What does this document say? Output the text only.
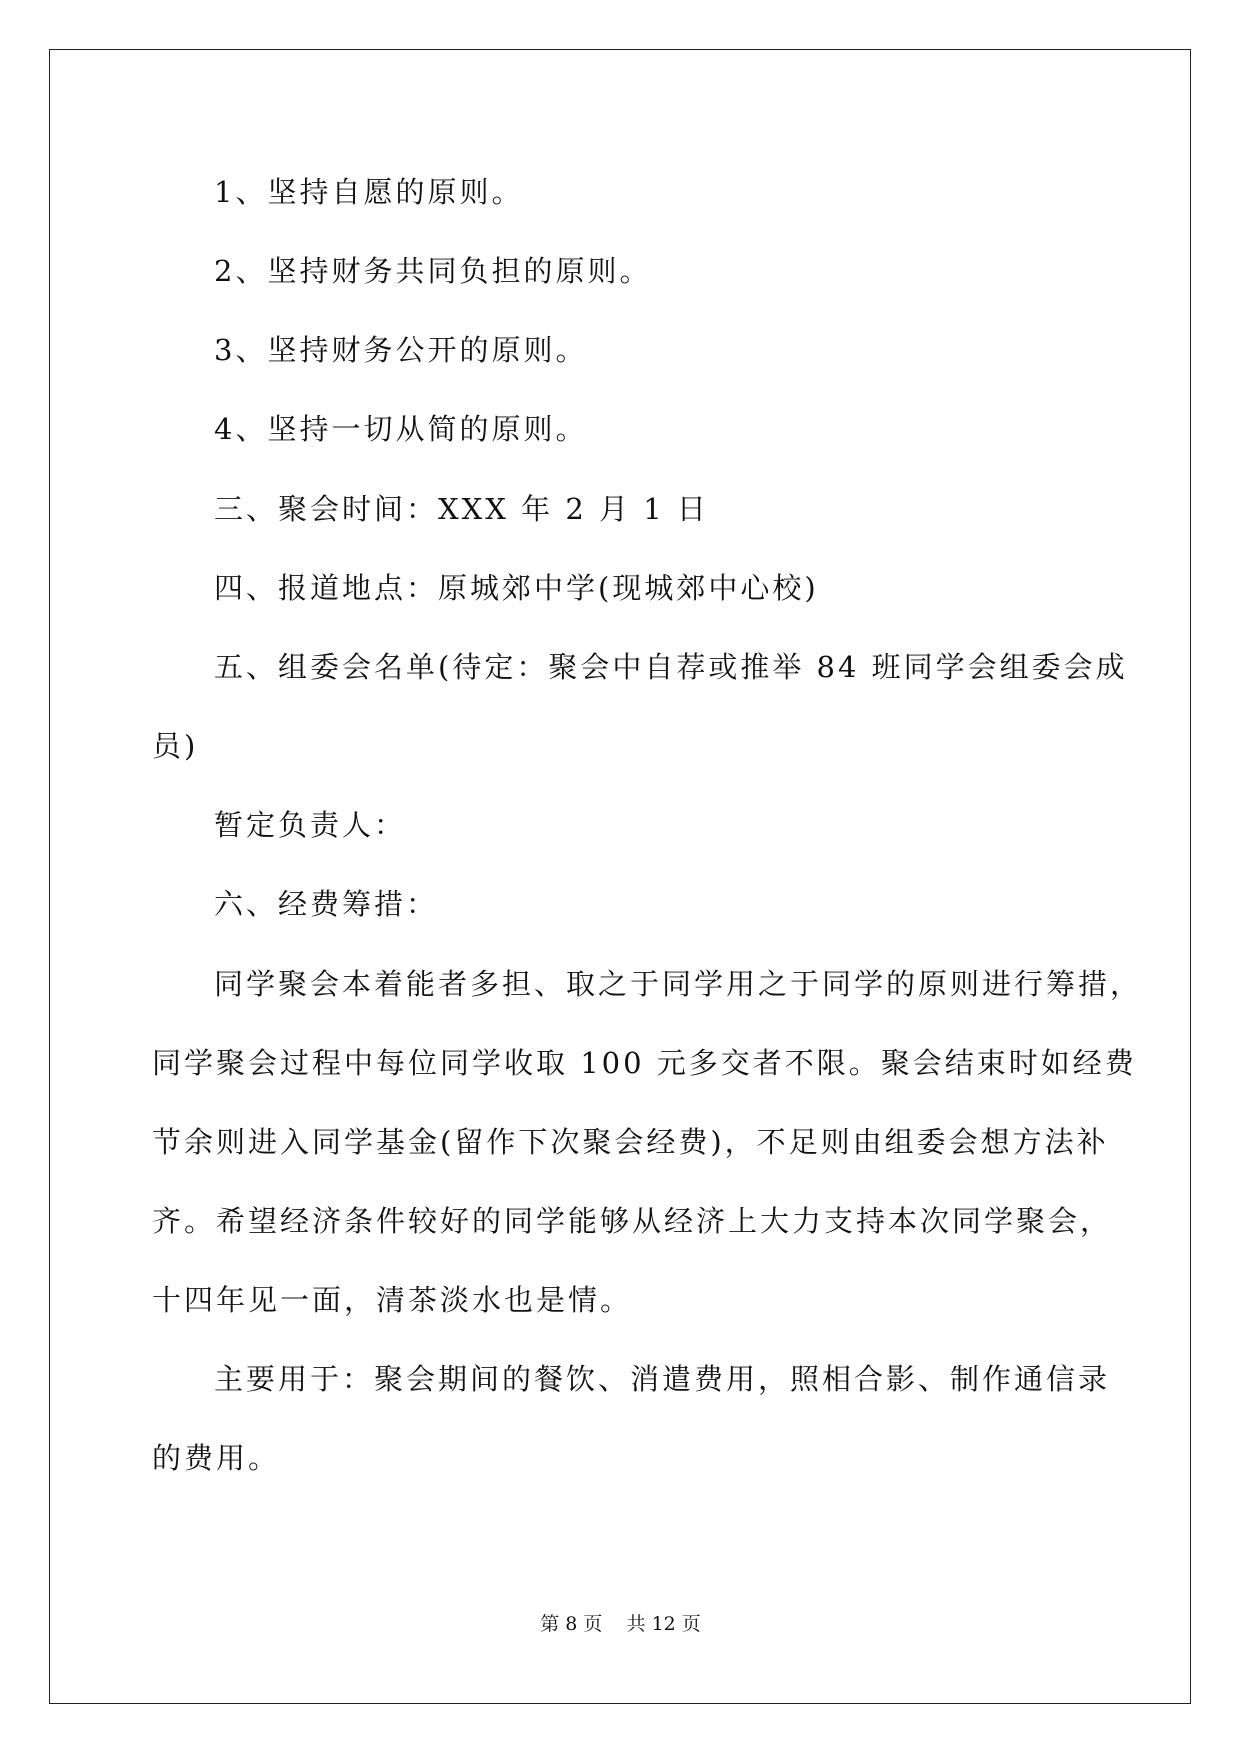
1、坚持自愿的原则。
2、坚持财务共同负担的原则。
3、坚持财务公开的原则。
4、坚持一切从简的原则。
三、聚会时间：XXX 年 2 月 1 日
四、报道地点：原城郊中学(现城郊中心校)
五、组委会名单(待定：聚会中自荐或推举 84 班同学会组委会成
员)
暂定负责人：
六、经费筹措：
同学聚会本着能者多担、取之于同学用之于同学的原则进行筹措，
同学聚会过程中每位同学收取 100 元多交者不限。聚会结束时如经费
节余则进入同学基金(留作下次聚会经费)，不足则由组委会想方法补
齐。希望经济条件较好的同学能够从经济上大力支持本次同学聚会，
十四年见一面，清茶淡水也是情。
主要用于：聚会期间的餐饮、消遣费用，照相合影、制作通信录
的费用。
第 8 页    共 12 页
